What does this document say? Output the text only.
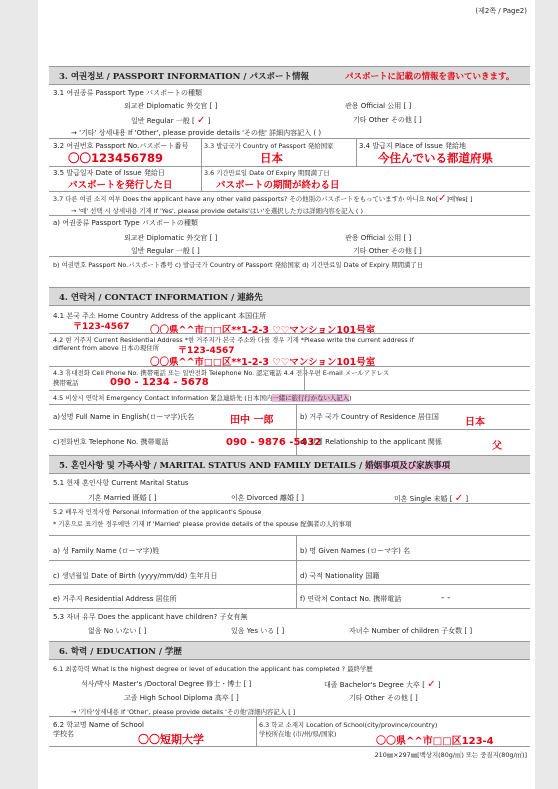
(제2쪽 / Page2)
3. 여권정보 / PASSPORT INFORMATION / パスポート情報	パスポートに記載の情報を書いていきます。
3.1 여권종류 Passport Type パスポートの種類
외교관 Diplomatic 外交官 [ ]	관용 Official 公用 [ ]
일반 Regular 一般 [ ✓ ]	기타 Other その他 [ ]
→ '기타' 상세내용 If 'Other', please provide details 'その他' 詳細内容記入 ( )
3.2 여권번호 Passport No.パスポート番号
〇〇123456789
3.3 발급국가 Country of Passport 発給国家
日本
3.4 발급지 Place of Issue 発給地
今住んでいる都道府県
3.5 발급일자 Date of Issue 発給日
パスポートを発行した日
3.6 기간만료일 Date Of Expiry 期間満了日
パスポートの期間が終わる日
3.7 다른 여권 소지 여부 Does the applicant have any other valid passports? その他別のパスポートをもっていますか 아니요 No[✓]예Yes[ ]
→ '예' 선택 시 상세내용 기재 If 'Yes', please provide details'はい'を選択した方は詳細内容を記入 ( )
a) 여권종류 Passport Type パスポートの種類
외교관 Diplomatic 外交官 [ ]	관용 Official 公用 [ ]
일반 Regular 一般 [ ]	기타 Other その他 [ ]
b) 여권번호 Passport No.パスポート番号 c) 발급국가 Country of Passport 発給国家 d) 기간만료일 Date of Expiry 期間満了日
4. 연락처 / CONTACT INFORMATION / 連絡先
4.1 본국 주소 Home Country Address of the applicant 本国住所
〒123-4567 〇〇県^^市□□区**1-2-3 ♡♡マンション101号室
4.2 현 거주지 Current Residential Address *현 거주지가 본국 주소와 다를 경우 기재 *Please write the current address if
different from above 日本の現住所 〒123-4567
〇〇県^^市□□区**1-2-3 ♡♡マンション101号室
4.3 휴대전화 Cell Phone No. 携帯電話 또는 일반전화 Telephone No. 認定電話 4.4 전자우편 E-mail メールアドレス
携帯電話	090 - 1234 - 5678
4.5 비상시 연락처 Emergency Contact Information 緊急連絡先 (日本国内一緒に旅行行かない人記入)
a)성명 Full Name in English(ローマ字)氏名	田中 一郎	b) 거주 국가 Country of Residence 居住国	日本
c)전화번호 Telephone No. 携帯電話	090 - 9876 -5432
d) 관계 Relationship to the applicant 関係	父
5. 혼인사항 및 가족사항 / MARITAL STATUS AND FAMILY DETAILS / 婚姻事項及び家族事項
5.1 현재 혼인사항 Current Marital Status
기혼 Married 既婚 [ ]	이혼 Divorced 離婚 [ ]	미혼 Single 未婚 [ ✓ ]
5.2 배우자 인적사항 Personal Information of the applicant's Spouse
* 기혼으로 표기한 경우에만 기재 If 'Married' please provide details of the spouse 配偶者の人的事項
a) 성 Family Name (ローマ字)姓	b) 명 Given Names (ローマ字) 名
c) 생년월일 Date of Birth (yyyy/mm/dd) 生年月日	d) 국적 Nationality 国籍
e) 거주지 Residential Address 居住所	f) 연락처 Contact No. 携帯電話	- -
5.3 자녀 유무 Does the applicant have children? 子女有無
없음 No いない [ ]	있음 Yes いる [ ]	자녀수 Number of children 子女数 [ ]
6. 학력 / EDUCATION / 学歴
6.1 최종학력 What is the highest degree or level of education the applicant has completed ? 最終学歴
석사/박사 Master's /Doctoral Degree 修士・博士 [ ]	대졸 Bachelor's Degree 大卒 [ ✓ ]
고졸 High School Diploma 高卒 [ ]	기타 Other その他 [ ]
→ '기타'상세내용 If 'Other', please provide details 'その他'詳細内容記入 [ ]
6.2 학교명 Name of School
学校名	〇〇短期大学
6.3 학교 소재지 Location of School(city/province/country)
学校所在地 (市/州/県/国家)
〇〇県^^市□□区123-4
210㎜×297㎜[백상지(80g/㎡) 또는 중질지(80g/㎡)]
